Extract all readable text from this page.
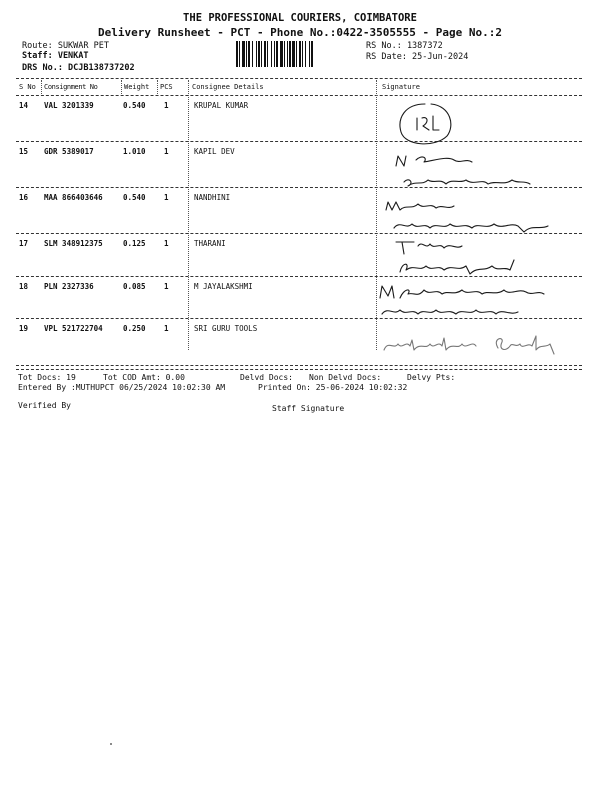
THE PROFESSIONAL COURIERS, COIMBATORE
Delivery Runsheet - PCT - Phone No.:0422-3505555 - Page No.:2
Route: SUKWAR PET
Staff: VENKAT
DRS No.: DCJB138737202
RS No.: 1387372
RS Date: 25-Jun-2024
S No Consignment No	Weight PCS	Consignee Details	Signature
14 VAL 3201339	0.540 1	KRUPAL KUMAR
15 GDR 5389017	1.010 1	KAPIL DEV
16 MAA 866403646	0.540 1	NANDHINI
17 SLM 348912375	0.125 1	THARANI
18 PLN 2327336	0.085 1	M JAYALAKSHMI
19 VPL 521722704	0.250 1	SRI GURU TOOLS
Tot Docs: 19	Tot COD Amt: 0.00	Delvd Docs: Non Delvd Docs:	Delvy Pts:
Entered By :MUTHUPCT 06/25/2024 10:02:30 AM	Printed On: 25-06-2024 10:02:32
Verified By	Staff Signature
